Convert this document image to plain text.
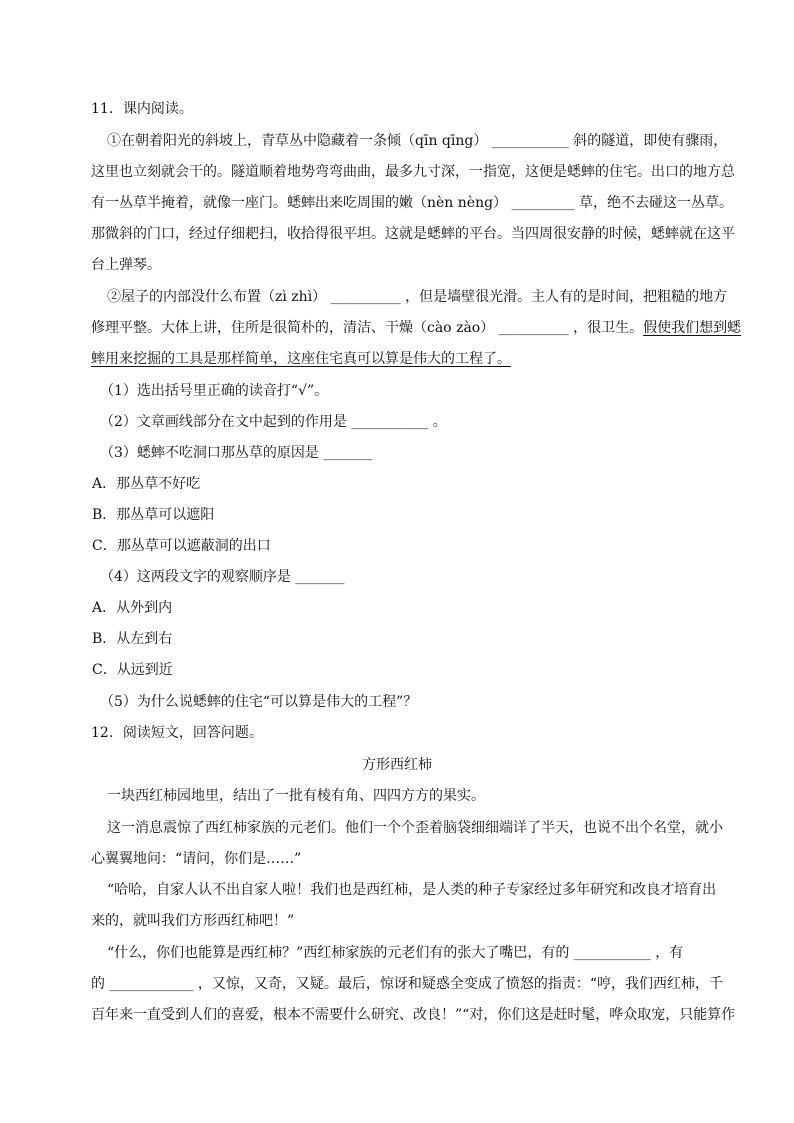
11．课内阅读。
①在朝着阳光的斜坡上，青草丛中隐藏着一条倾（qīn qīng） ___________ 斜的隧道，即使有骤雨，
这里也立刻就会干的。隧道顺着地势弯弯曲曲，最多九寸深，一指宽，这便是蟋蟀的住宅。出口的地方总
有一丛草半掩着，就像一座门。蟋蟀出来吃周围的嫩（nèn nèng） _________ 草，绝不去碰这一丛草。
那微斜的门口，经过仔细耙扫，收拾得很平坦。这就是蟋蟀的平台。当四周很安静的时候，蟋蟀就在这平
台上弹琴。
②屋子的内部没什么布置（zì zhì） __________ ，但是墙壁很光滑。主人有的是时间，把粗糙的地方
修理平整。大体上讲，住所是很简朴的，清洁、干燥（cào zào） __________ ，很卫生。假使我们想到蟋
蟀用来挖掘的工具是那样简单，这座住宅真可以算是伟大的工程了。
（1）选出括号里正确的读音打“√”。
（2）文章画线部分在文中起到的作用是 ___________ 。
（3）蟋蟀不吃洞口那丛草的原因是 _______
A．那丛草不好吃
B．那丛草可以遮阳
C．那丛草可以遮蔽洞的出口
（4）这两段文字的观察顺序是 _______
A．从外到内
B．从左到右
C．从远到近
（5）为什么说蟋蟀的住宅“可以算是伟大的工程”？
12．阅读短文，回答问题。
方形西红柿
一块西红柿园地里，结出了一批有棱有角、四四方方的果实。
这一消息震惊了西红柿家族的元老们。他们一个个歪着脑袋细细端详了半天，也说不出个名堂，就小
心翼翼地问：“请问，你们是……”
“哈哈，自家人认不出自家人啦！我们也是西红柿，是人类的种子专家经过多年研究和改良才培育出
来的，就叫我们方形西红柿吧！”
“什么，你们也能算是西红柿？”西红柿家族的元老们有的张大了嘴巴，有的 ___________ ，有
的 ____________ ，又惊，又奇，又疑。最后，惊讶和疑惑全变成了愤怒的指责：“哼，我们西红柿，千
百年来一直受到人们的喜爱，根本不需要什么研究、改良！”“对，你们这是赶时髦，哗众取宠，只能算作
